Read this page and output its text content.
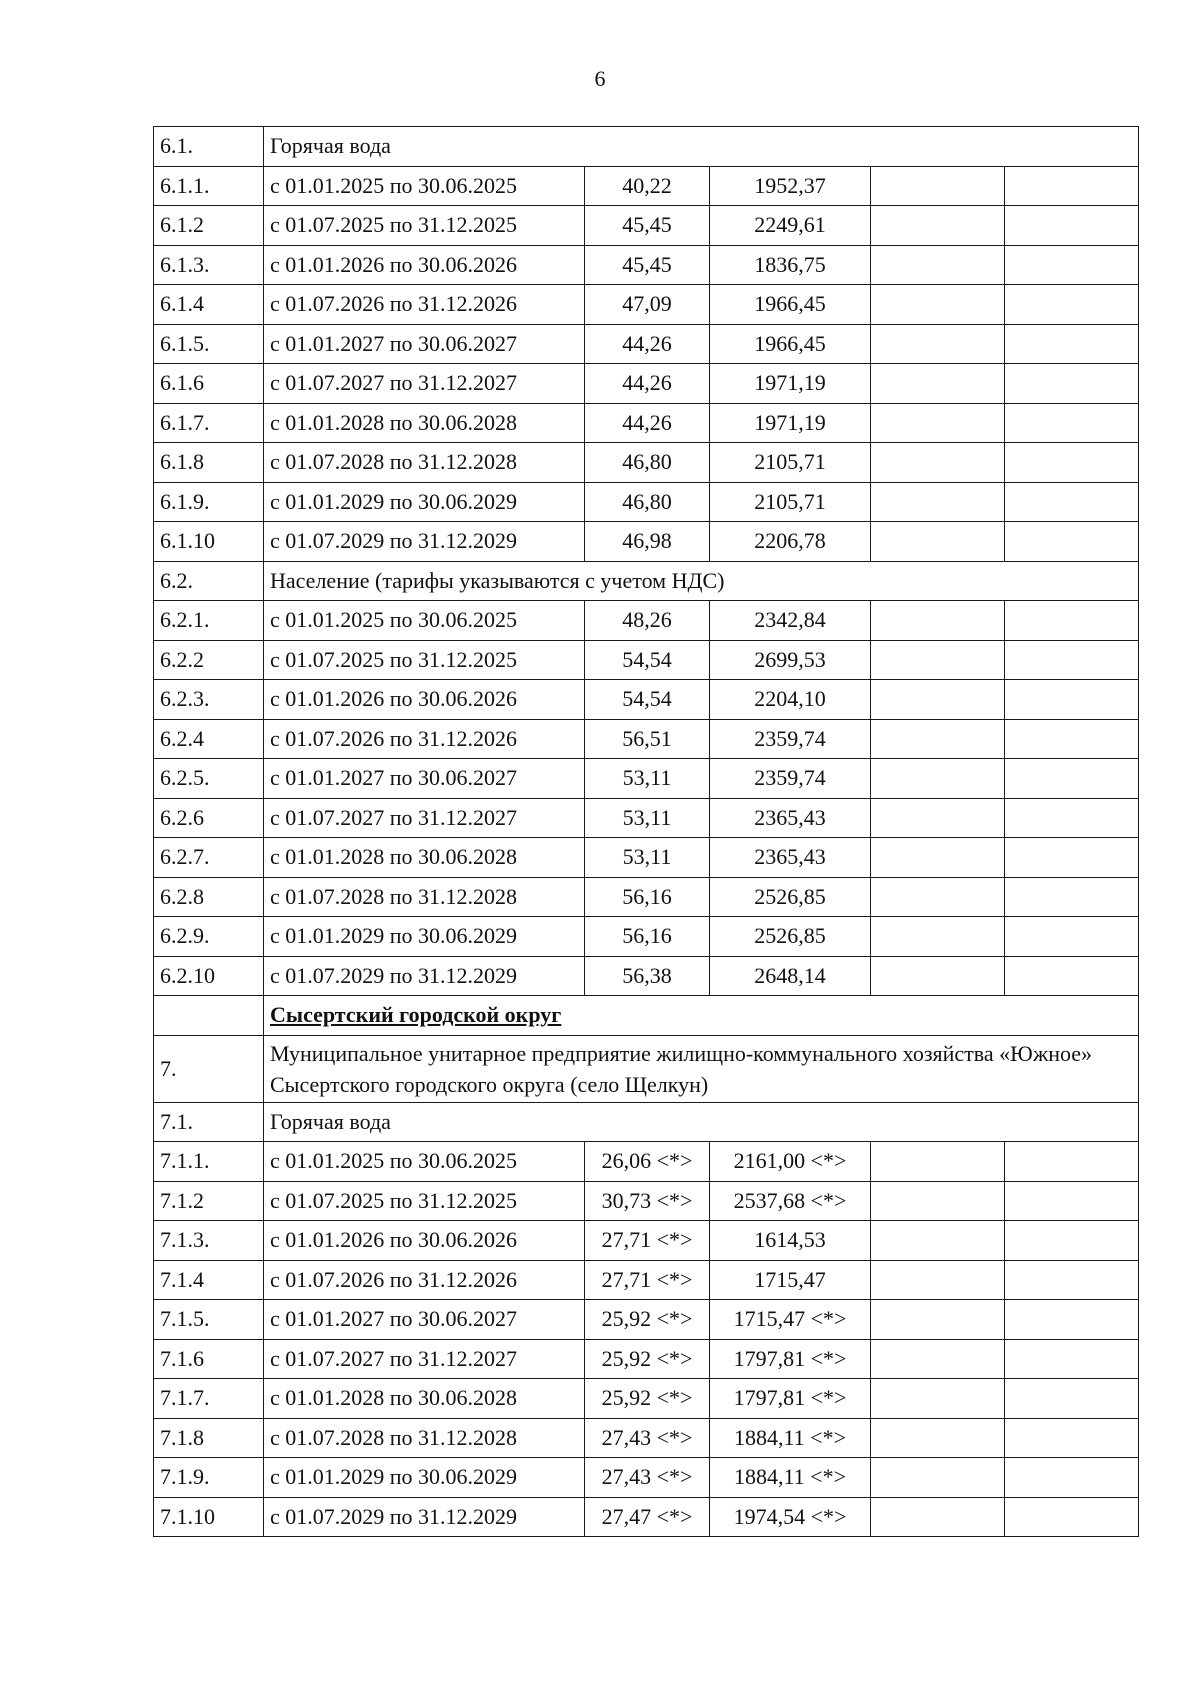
6
6.1.	Горячая вода				
6.1.1.	с 01.01.2025 по 30.06.2025	40,22	1952,37		
6.1.2	с 01.07.2025 по 31.12.2025	45,45	2249,61		
6.1.3.	с 01.01.2026 по 30.06.2026	45,45	1836,75		
6.1.4	с 01.07.2026 по 31.12.2026	47,09	1966,45		
6.1.5.	с 01.01.2027 по 30.06.2027	44,26	1966,45		
6.1.6	с 01.07.2027 по 31.12.2027	44,26	1971,19		
6.1.7.	с 01.01.2028 по 30.06.2028	44,26	1971,19		
6.1.8	с 01.07.2028 по 31.12.2028	46,80	2105,71		
6.1.9.	с 01.01.2029 по 30.06.2029	46,80	2105,71		
6.1.10	с 01.07.2029 по 31.12.2029	46,98	2206,78		
6.2.	Население (тарифы указываются с учетом НДС)				
6.2.1.	с 01.01.2025 по 30.06.2025	48,26	2342,84		
6.2.2	с 01.07.2025 по 31.12.2025	54,54	2699,53		
6.2.3.	с 01.01.2026 по 30.06.2026	54,54	2204,10		
6.2.4	с 01.07.2026 по 31.12.2026	56,51	2359,74		
6.2.5.	с 01.01.2027 по 30.06.2027	53,11	2359,74		
6.2.6	с 01.07.2027 по 31.12.2027	53,11	2365,43		
6.2.7.	с 01.01.2028 по 30.06.2028	53,11	2365,43		
6.2.8	с 01.07.2028 по 31.12.2028	56,16	2526,85		
6.2.9.	с 01.01.2029 по 30.06.2029	56,16	2526,85		
6.2.10	с 01.07.2029 по 31.12.2029	56,38	2648,14		
	Сысертский городской округ				
7.	Муниципальное унитарное предприятие жилищно-коммунального хозяйства «Южное» Сысертского городского округа (село Щелкун)				
7.1.	Горячая вода				
7.1.1.	с 01.01.2025 по 30.06.2025	26,06 <*>	2161,00 <*>		
7.1.2	с 01.07.2025 по 31.12.2025	30,73 <*>	2537,68 <*>		
7.1.3.	с 01.01.2026 по 30.06.2026	27,71 <*>	1614,53		
7.1.4	с 01.07.2026 по 31.12.2026	27,71 <*>	1715,47		
7.1.5.	с 01.01.2027 по 30.06.2027	25,92 <*>	1715,47 <*>		
7.1.6	с 01.07.2027 по 31.12.2027	25,92 <*>	1797,81 <*>		
7.1.7.	с 01.01.2028 по 30.06.2028	25,92 <*>	1797,81 <*>		
7.1.8	с 01.07.2028 по 31.12.2028	27,43 <*>	1884,11 <*>		
7.1.9.	с 01.01.2029 по 30.06.2029	27,43 <*>	1884,11 <*>		
7.1.10	с 01.07.2029 по 31.12.2029	27,47 <*>	1974,54 <*>		
